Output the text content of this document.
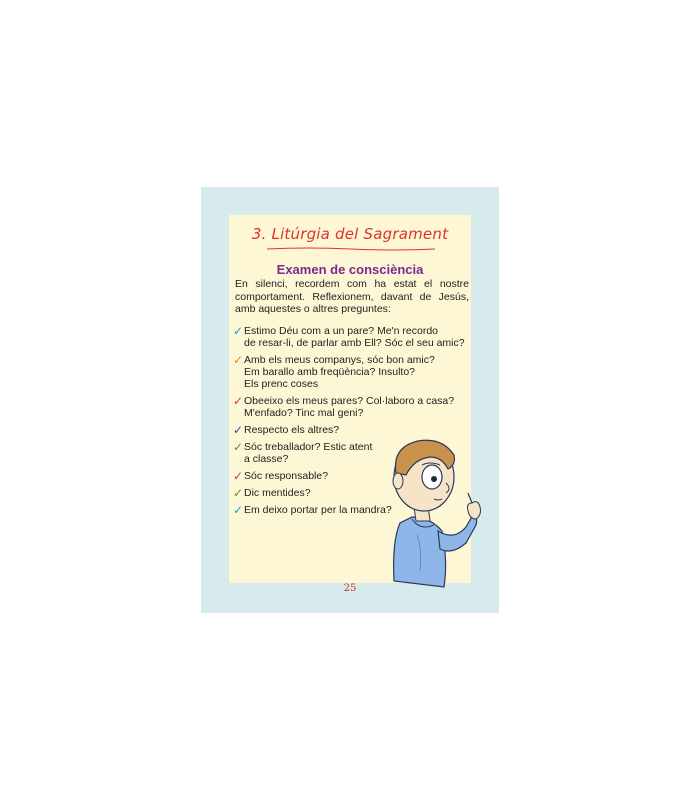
3. Litúrgia del Sagrament
Examen de consciència
En silenci, recordem com ha estat el nostre comportament. Reflexionem, davant de Jesús, amb aquestes o altres preguntes:
✓ Estimo Déu com a un pare? Me'n recordo
de resar-li, de parlar amb Ell? Sóc el seu amic?
✓ Amb els meus companys, sóc bon amic?
Em barallo amb freqüència? Insulto?
Els prenc coses
✓ Obeeixo els meus pares? Col·laboro a casa?
M'enfado? Tinc mal geni?
✓ Respecto els altres?
✓ Sóc treballador? Estic atent
a classe?
✓ Sóc responsable?
✓ Dic mentides?
✓ Em deixo portar per la mandra?
25
